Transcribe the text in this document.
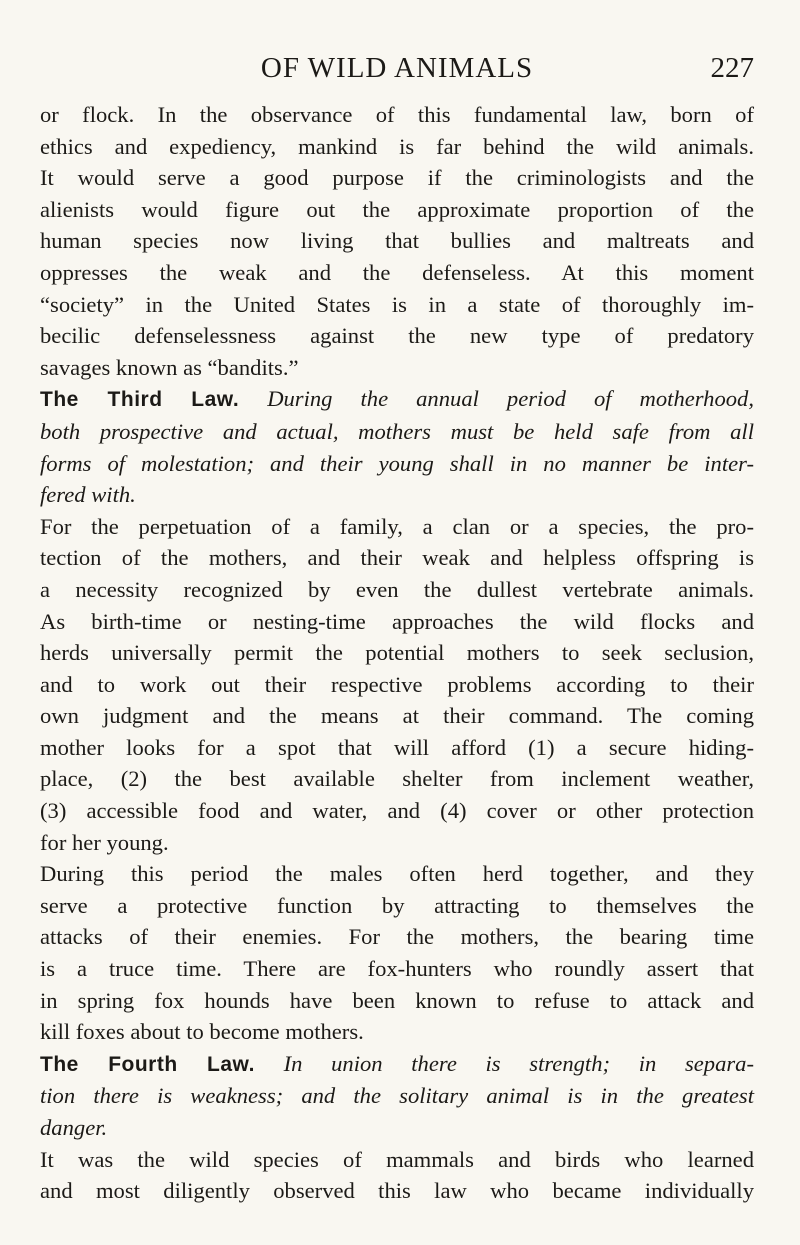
OF WILD ANIMALS	227
or flock. In the observance of this fundamental law, born of
ethics and expediency, mankind is far behind the wild animals.
It would serve a good purpose if the criminologists and the
alienists would figure out the approximate proportion of the
human species now living that bullies and maltreats and
oppresses the weak and the defenseless. At this moment
“society” in the United States is in a state of thoroughly im-
becilic defenselessness against the new type of predatory
savages known as “bandits.”
The Third Law. During the annual period of motherhood,
both prospective and actual, mothers must be held safe from all
forms of molestation; and their young shall in no manner be inter-
fered with.
For the perpetuation of a family, a clan or a species, the pro-
tection of the mothers, and their weak and helpless offspring is
a necessity recognized by even the dullest vertebrate animals.
As birth-time or nesting-time approaches the wild flocks and
herds universally permit the potential mothers to seek seclusion,
and to work out their respective problems according to their
own judgment and the means at their command. The coming
mother looks for a spot that will afford (1) a secure hiding-
place, (2) the best available shelter from inclement weather,
(3) accessible food and water, and (4) cover or other protection
for her young.
During this period the males often herd together, and they
serve a protective function by attracting to themselves the
attacks of their enemies. For the mothers, the bearing time
is a truce time. There are fox-hunters who roundly assert that
in spring fox hounds have been known to refuse to attack and
kill foxes about to become mothers.
The Fourth Law. In union there is strength; in separa-
tion there is weakness; and the solitary animal is in the greatest
danger.
It was the wild species of mammals and birds who learned
and most diligently observed this law who became individually
